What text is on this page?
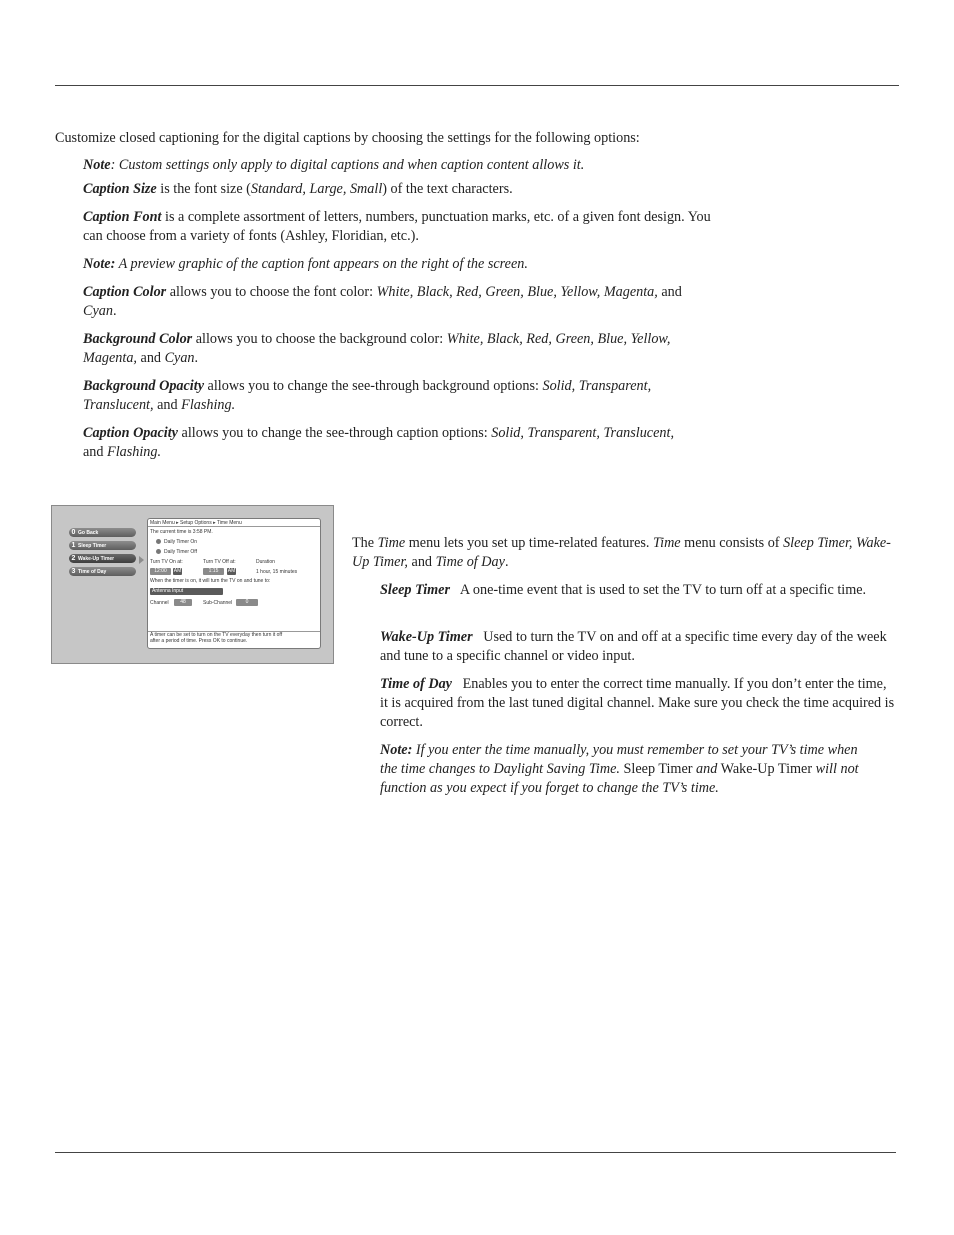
Customize closed captioning for the digital captions by choosing the settings for the following options:

Note: Custom settings only apply to digital captions and when caption content allows it.

Caption Size is the font size (Standard, Large, Small) of the text characters.

Caption Font is a complete assortment of letters, numbers, punctuation marks, etc. of a given font design. You can choose from a variety of fonts (Ashley, Floridian, etc.).

Note: A preview graphic of the caption font appears on the right of the screen.

Caption Color allows you to choose the font color: White, Black, Red, Green, Blue, Yellow, Magenta, and
Cyan.

Background Color allows you to choose the background color: White, Black, Red, Green, Blue, Yellow, Magenta, and Cyan.

Background Opacity allows you to change the see-through background options: Solid, Transparent, Translucent, and Flashing.

Caption Opacity allows you to change the see-through caption options: Solid, Transparent, Translucent,
and Flashing.

0 Go Back
1 Sleep Timer
2 Wake-Up Timer
3 Time of Day
Main Menu ▸ Setup Options ▸ Time Menu
The current time is 3:58 PM.
Daily Timer On
Daily Timer Off
Turn TV On at:	Turn TV Off at:	Duration
12:00	AM	1:15	AM	1 hour, 15 minutes
When the timer is on, it will turn the TV on and tune to:
Antenna Input
Channel	48	Sub-Channel	0
A timer can be set to turn on the TV everyday then turn it off after a period of time. Press OK to continue.

The Time menu lets you set up time-related features. Time menu consists of Sleep Timer, Wake-Up Timer, and Time of Day.

Sleep Timer A one-time event that is used to set the TV to turn off at a specific time.

Wake-Up Timer Used to turn the TV on and off at a specific time every day of the week and tune to a specific channel or video input.

Time of Day Enables you to enter the correct time manually. If you don’t enter the time, it is acquired from the last tuned digital channel. Make sure you check the time acquired is correct.

Note: If you enter the time manually, you must remember to set your TV’s time when the time changes to Daylight Saving Time. Sleep Timer and Wake-Up Timer will not function as you expect if you forget to change the TV’s time.
